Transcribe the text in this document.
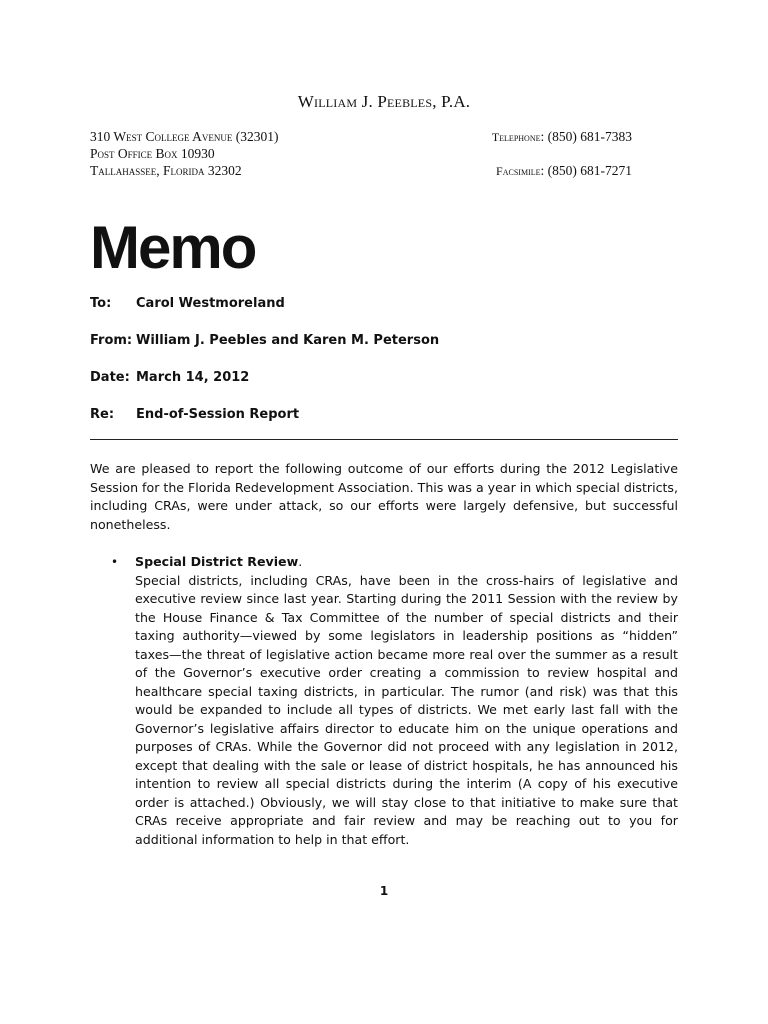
William J. Peebles, P.A.
310 West College Avenue (32301)
Post Office Box 10930
Tallahassee, Florida 32302
Telephone: (850) 681-7383
Facsimile: (850) 681-7271
Memo
To:	Carol Westmoreland
From: William J. Peebles and Karen M. Peterson
Date: March 14, 2012
Re:	End-of-Session Report

We are pleased to report the following outcome of our efforts during the 2012 Legislative Session for the Florida Redevelopment Association. This was a year in which special districts, including CRAs, were under attack, so our efforts were largely defensive, but successful nonetheless.

• Special District Review.
Special districts, including CRAs, have been in the cross-hairs of legislative and executive review since last year. Starting during the 2011 Session with the review by the House Finance & Tax Committee of the number of special districts and their taxing authority—viewed by some legislators in leadership positions as “hidden” taxes—the threat of legislative action became more real over the summer as a result of the Governor’s executive order creating a commission to review hospital and healthcare special taxing districts, in particular. The rumor (and risk) was that this would be expanded to include all types of districts. We met early last fall with the Governor’s legislative affairs director to educate him on the unique operations and purposes of CRAs. While the Governor did not proceed with any legislation in 2012, except that dealing with the sale or lease of district hospitals, he has announced his intention to review all special districts during the interim (A copy of his executive order is attached.) Obviously, we will stay close to that initiative to make sure that CRAs receive appropriate and fair review and may be reaching out to you for additional information to help in that effort.
1
